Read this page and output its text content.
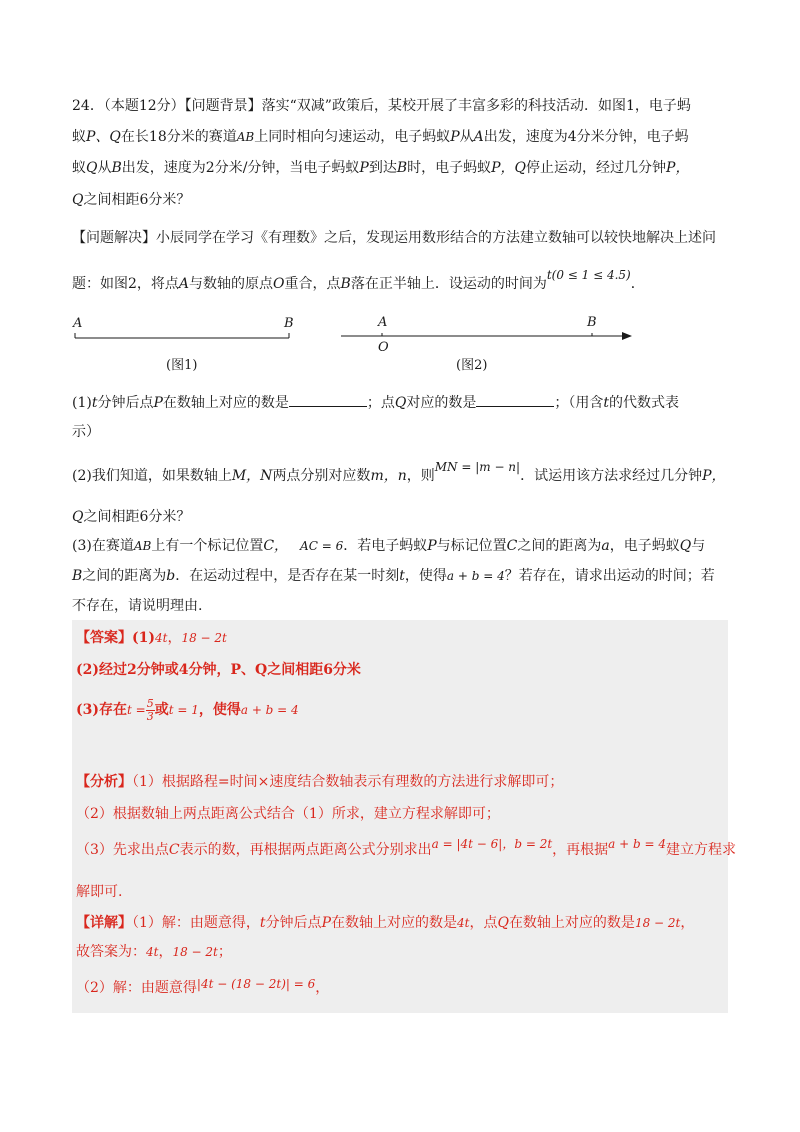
24．（本题12分）【问题背景】落实“双减”政策后，某校开展了丰富多彩的科技活动．如图1，电子蚂
蚁P、Q在长18分米的赛道AB上同时相向匀速运动，电子蚂蚁P从A出发，速度为4分米分钟，电子蚂
蚁Q从B出发，速度为2分米/分钟，当电子蚂蚁P到达B时，电子蚂蚁P，Q停止运动，经过几分钟P，
Q之间相距6分米？
【问题解决】小辰同学在学习《有理数》之后，发现运用数形结合的方法建立数轴可以较快地解决上述问
题：如图2，将点A与数轴的原点O重合，点B落在正半轴上．设运动的时间为t(0 ≤ 1 ≤ 4.5)．
A	B
(图1)
A
O
B
(图2)
(1)t分钟后点P在数轴上对应的数是	；点Q对应的数是	；（用含t的代数式表
示）
(2)我们知道，如果数轴上M，N两点分别对应数m，n，则MN = |m − n|．试运用该方法求经过几分钟P，
Q之间相距6分米？
(3)在赛道AB上有一个标记位置C， AC = 6．若电子蚂蚁P与标记位置C之间的距离为a，电子蚂蚁Q与
B之间的距离为b．在运动过程中，是否存在某一时刻t，使得a + b = 4？若存在，请求出运动的时间；若
不存在，请说明理由.
【答案】(1)4t，18 − 2t
(2)经过2分钟或4分钟，P、Q之间相距6分米
(3)存在$t = \frac{5}{3}$ 或t = 1，使得a + b = 4
【分析】（1）根据路程=时间×速度结合数轴表示有理数的方法进行求解即可；
（2）根据数轴上两点距离公式结合（1）所求，建立方程求解即可；
（3）先求出点C表示的数，再根据两点距离公式分别求出a = |4t − 6|，b = 2t，再根据a + b = 4建立方程求
解即可.
【详解】（1）解：由题意得，t分钟后点P在数轴上对应的数是4t，点Q在数轴上对应的数是18 − 2t，
故答案为：4t，18 − 2t；
（2）解：由题意得|4t − (18 − 2t)| = 6，
